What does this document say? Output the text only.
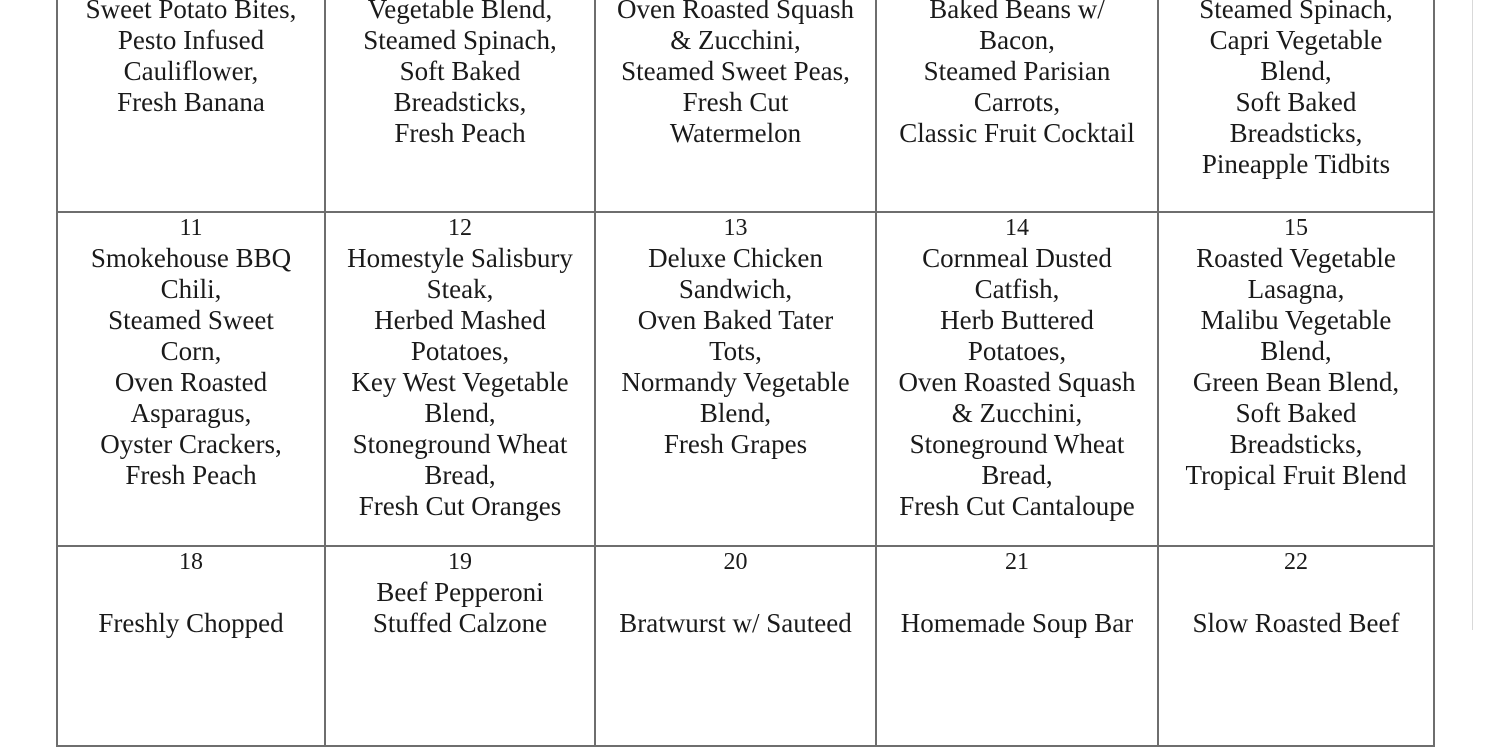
Sweet Potato Bites,
Pesto Infused
Cauliflower,
Fresh Banana

Vegetable Blend,
Steamed Spinach,
Soft Baked
Breadsticks,
Fresh Peach

Oven Roasted Squash
& Zucchini,
Steamed Sweet Peas,
Fresh Cut
Watermelon

Baked Beans w/
Bacon,
Steamed Parisian
Carrots,
Classic Fruit Cocktail

Steamed Spinach,
Capri Vegetable
Blend,
Soft Baked
Breadsticks,
Pineapple Tidbits
11
Smokehouse BBQ
Chili,
Steamed Sweet
Corn,
Oven Roasted
Asparagus,
Oyster Crackers,
Fresh Peach
12
Homestyle Salisbury
Steak,
Herbed Mashed
Potatoes,
Key West Vegetable
Blend,
Stoneground Wheat
Bread,
Fresh Cut Oranges
13
Deluxe Chicken
Sandwich,
Oven Baked Tater
Tots,
Normandy Vegetable
Blend,
Fresh Grapes
14
Cornmeal Dusted
Catfish,
Herb Buttered
Potatoes,
Oven Roasted Squash
& Zucchini,
Stoneground Wheat
Bread,
Fresh Cut Cantaloupe
15
Roasted Vegetable
Lasagna,
Malibu Vegetable
Blend,
Green Bean Blend,
Soft Baked
Breadsticks,
Tropical Fruit Blend
18

Freshly Chopped
19
Beef Pepperoni
Stuffed Calzone
20

Bratwurst w/ Sauteed
21

Homemade Soup Bar
22

Slow Roasted Beef
